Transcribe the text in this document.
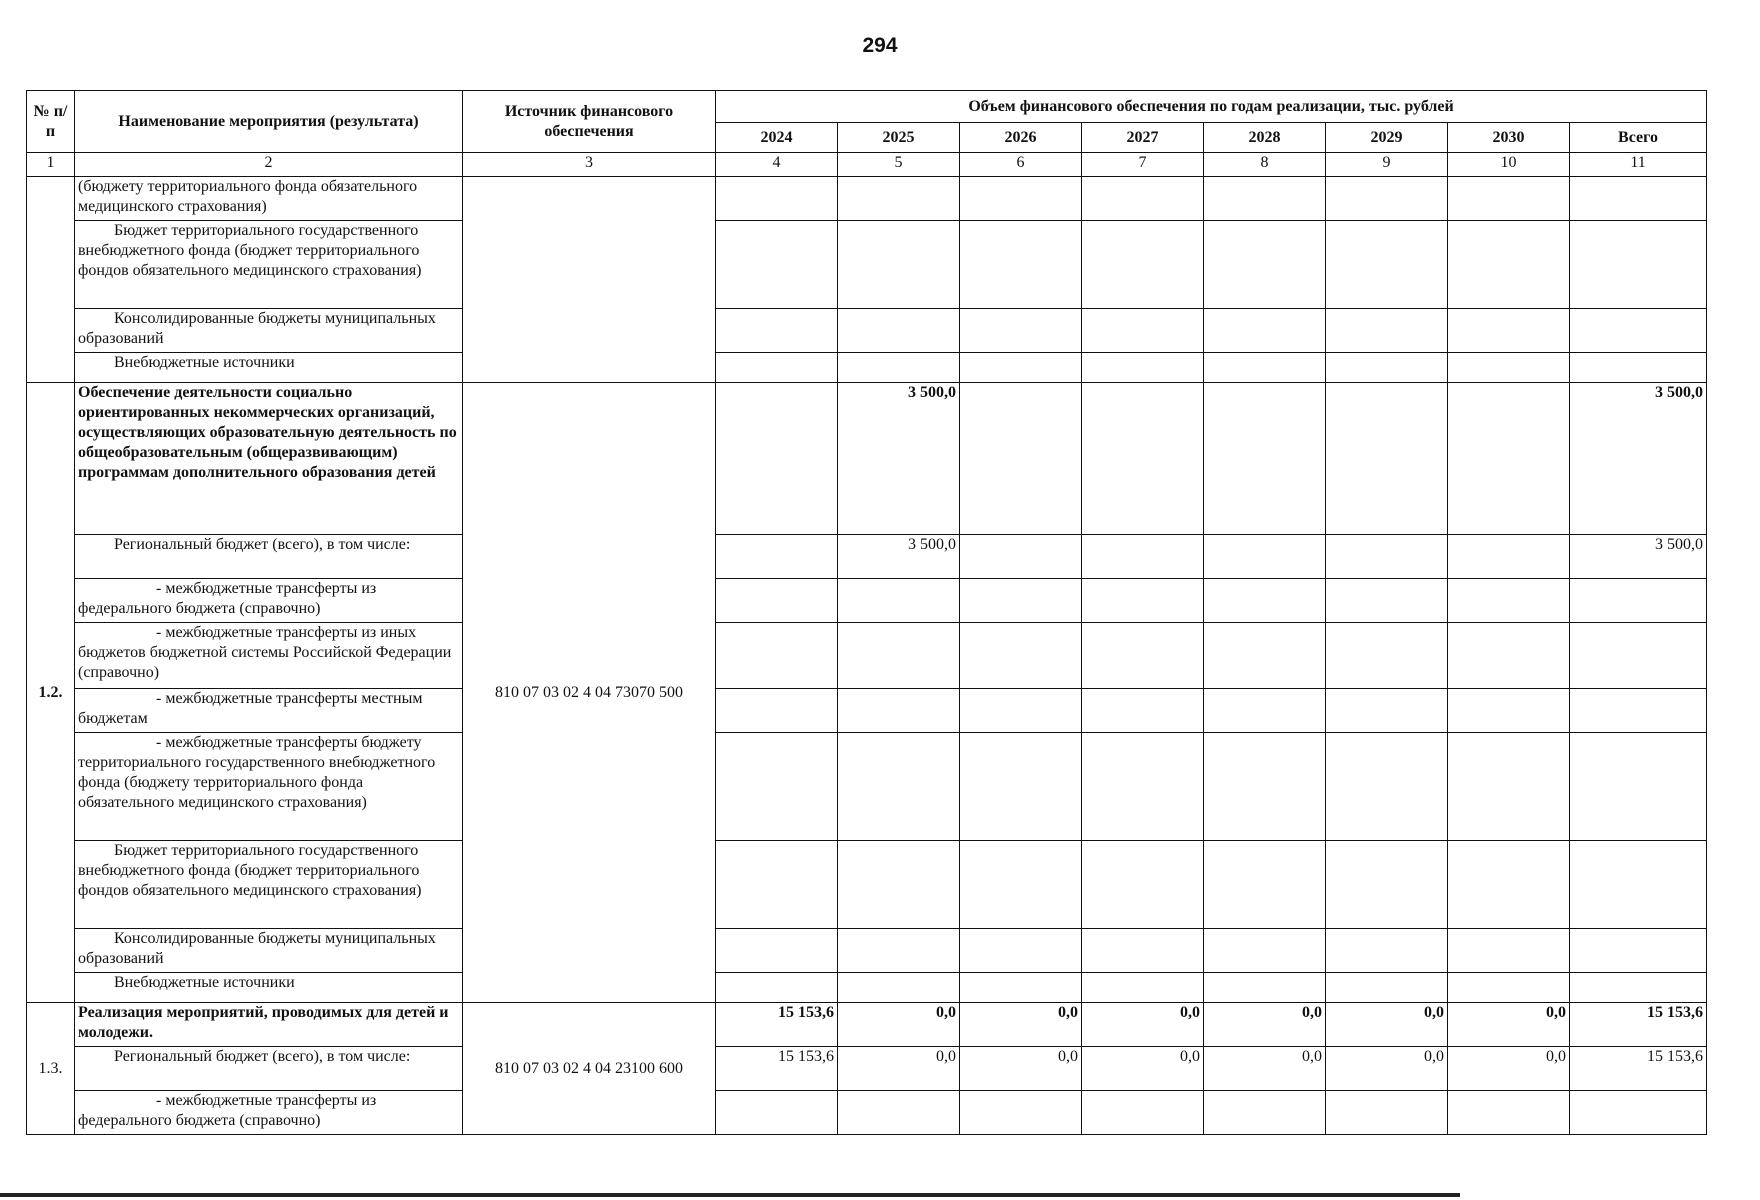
294
№ п/п	Наименование мероприятия (результата)	Источник финансового обеспечения	Объем финансового обеспечения по годам реализации, тыс. рублей							
			2024	2025	2026	2027	2028	2029	2030	Всего
1	2	3	4	5	6	7	8	9	10	11
	(бюджету территориального фонда обязательного медицинского страхования)									
	Бюджет территориального государственного внебюджетного фонда (бюджет территориального фондов обязательного медицинского страхования)									
	Консолидированные бюджеты муниципальных образований									
	Внебюджетные источники									
1.2.	Обеспечение деятельности социально ориентированных некоммерческих организаций, осуществляющих образовательную деятельность по общеобразовательным (общеразвивающим) программам дополнительного образования детей	810 07 03 02 4 04 73070 500		3 500,0						3 500,0
	Региональный бюджет (всего), в том числе:			3 500,0						3 500,0
	- межбюджетные трансферты из федерального бюджета (справочно)									
	- межбюджетные трансферты из иных бюджетов бюджетной системы Российской Федерации (справочно)									
	- межбюджетные трансферты местным бюджетам									
	- межбюджетные трансферты бюджету территориального государственного внебюджетного фонда (бюджету территориального фонда обязательного медицинского страхования)									
	Бюджет территориального государственного внебюджетного фонда (бюджет территориального фондов обязательного медицинского страхования)									
	Консолидированные бюджеты муниципальных образований									
	Внебюджетные источники									
1.3.	Реализация мероприятий, проводимых для детей и молодежи.	810 07 03 02 4 04 23100 600	15 153,6	0,0	0,0	0,0	0,0	0,0	0,0	15 153,6
	Региональный бюджет (всего), в том числе:		15 153,6	0,0	0,0	0,0	0,0	0,0	0,0	15 153,6
	- межбюджетные трансферты из федерального бюджета (справочно)									
